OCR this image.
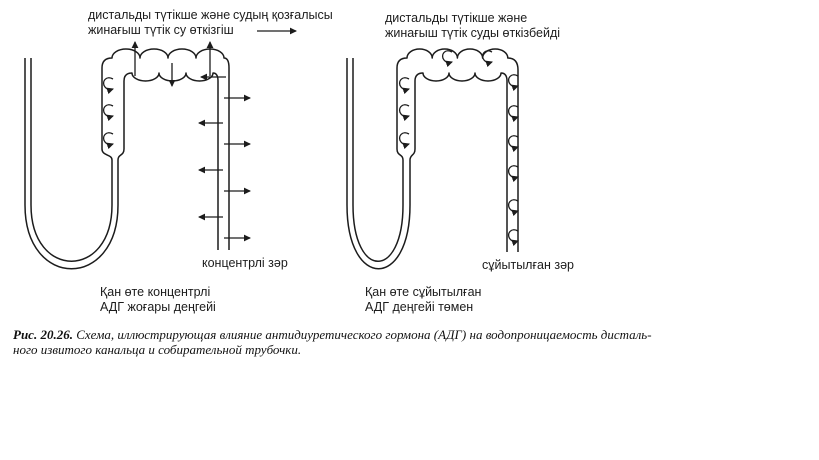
дистальды түтікше және
жинағыш түтік су өткізгіш
судың қозғалысы	дистальды түтікше және
жинағыш түтік суды өткізбейді
концентрлі зәр	сұйытылған зәр
Қан өте концентрлі
АДГ жоғары деңгейі
Қан өте сұйытылған
АДГ деңгейі төмен
Рис. 20.26. Схема, иллюстрирующая влияние антидиуретического гормона (АДГ) на водопроницаемость дисталь-
ного извитого канальца и собирательной трубочки.
